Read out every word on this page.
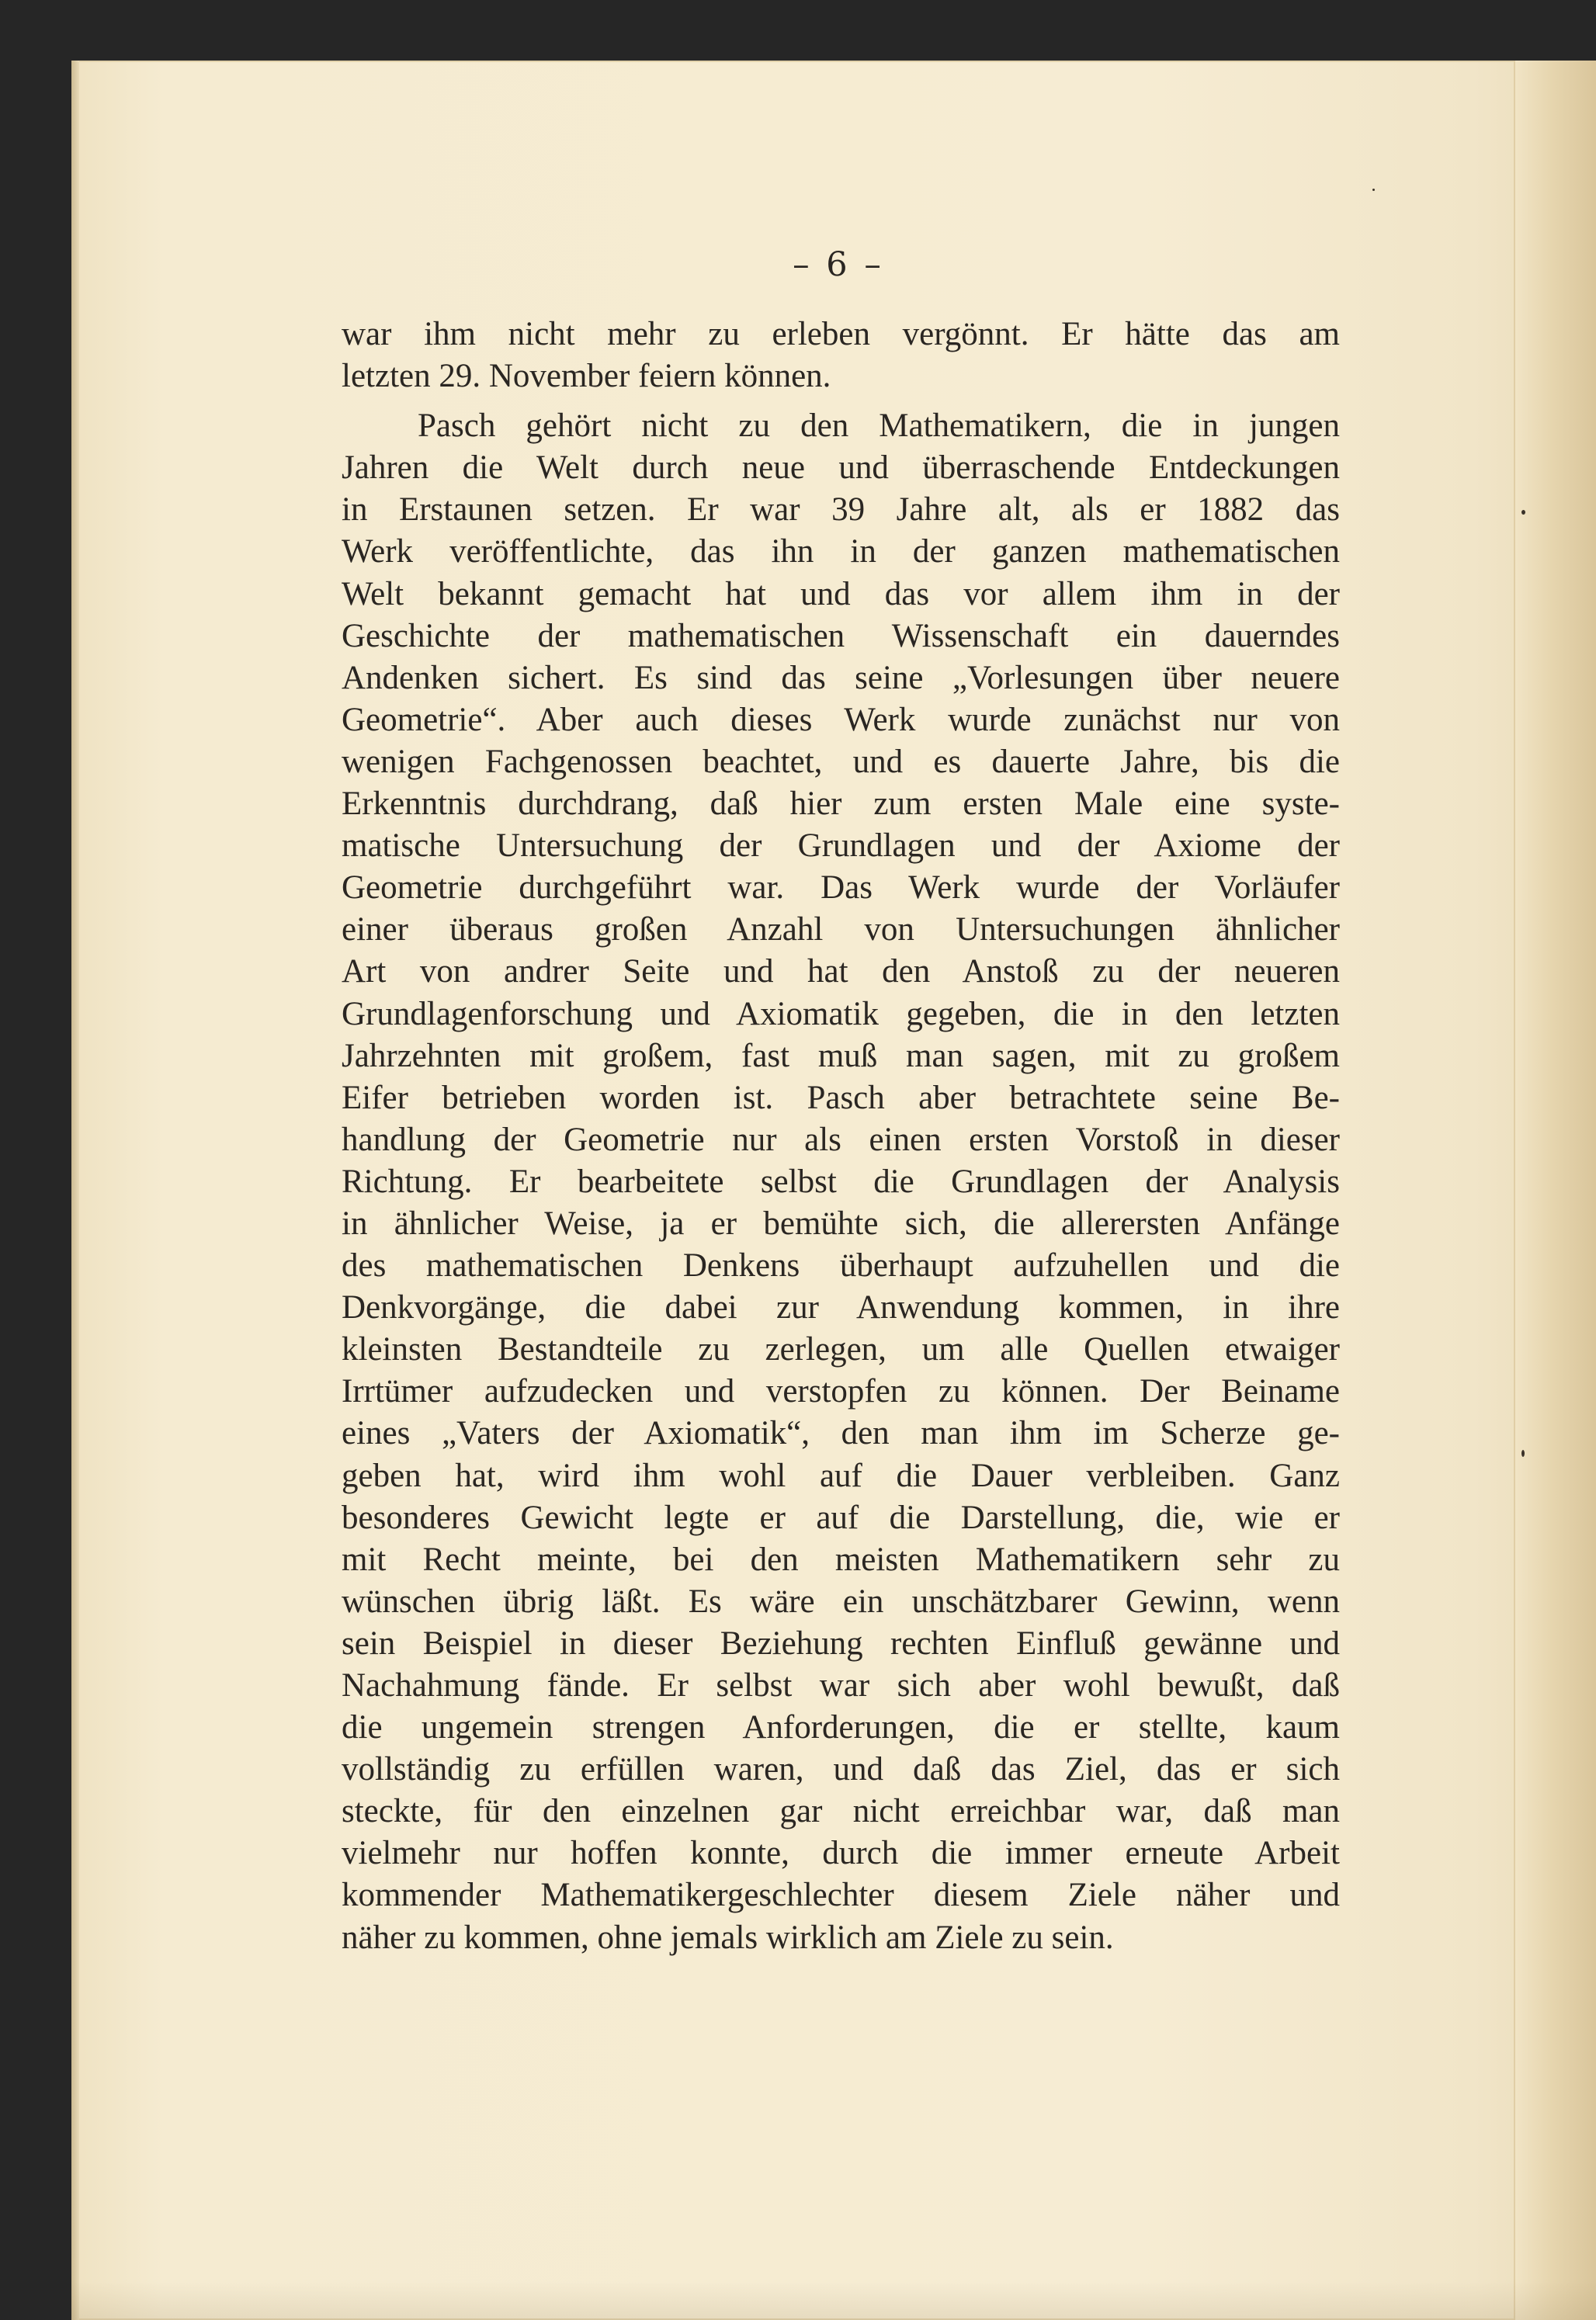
– 6 –
war ihm nicht mehr zu erleben vergönnt. Er hätte das am
letzten 29. November feiern können.
Pasch gehört nicht zu den Mathematikern, die in jungen
Jahren die Welt durch neue und überraschende Entdeckungen
in Erstaunen setzen. Er war 39 Jahre alt, als er 1882 das
Werk veröffentlichte, das ihn in der ganzen mathematischen
Welt bekannt gemacht hat und das vor allem ihm in der
Geschichte der mathematischen Wissenschaft ein dauerndes
Andenken sichert. Es sind das seine „Vorlesungen über neuere
Geometrie“. Aber auch dieses Werk wurde zunächst nur von
wenigen Fachgenossen beachtet, und es dauerte Jahre, bis die
Erkenntnis durchdrang, daß hier zum ersten Male eine syste-
matische Untersuchung der Grundlagen und der Axiome der
Geometrie durchgeführt war. Das Werk wurde der Vorläufer
einer überaus großen Anzahl von Untersuchungen ähnlicher
Art von andrer Seite und hat den Anstoß zu der neueren
Grundlagenforschung und Axiomatik gegeben, die in den letzten
Jahrzehnten mit großem, fast muß man sagen, mit zu großem
Eifer betrieben worden ist. Pasch aber betrachtete seine Be-
handlung der Geometrie nur als einen ersten Vorstoß in dieser
Richtung. Er bearbeitete selbst die Grundlagen der Analysis
in ähnlicher Weise, ja er bemühte sich, die allerersten Anfänge
des mathematischen Denkens überhaupt aufzuhellen und die
Denkvorgänge, die dabei zur Anwendung kommen, in ihre
kleinsten Bestandteile zu zerlegen, um alle Quellen etwaiger
Irrtümer aufzudecken und verstopfen zu können. Der Beiname
eines „Vaters der Axiomatik“, den man ihm im Scherze ge-
geben hat, wird ihm wohl auf die Dauer verbleiben. Ganz
besonderes Gewicht legte er auf die Darstellung, die, wie er
mit Recht meinte, bei den meisten Mathematikern sehr zu
wünschen übrig läßt. Es wäre ein unschätzbarer Gewinn, wenn
sein Beispiel in dieser Beziehung rechten Einfluß gewänne und
Nachahmung fände. Er selbst war sich aber wohl bewußt, daß
die ungemein strengen Anforderungen, die er stellte, kaum
vollständig zu erfüllen waren, und daß das Ziel, das er sich
steckte, für den einzelnen gar nicht erreichbar war, daß man
vielmehr nur hoffen konnte, durch die immer erneute Arbeit
kommender Mathematikergeschlechter diesem Ziele näher und
näher zu kommen, ohne jemals wirklich am Ziele zu sein.
